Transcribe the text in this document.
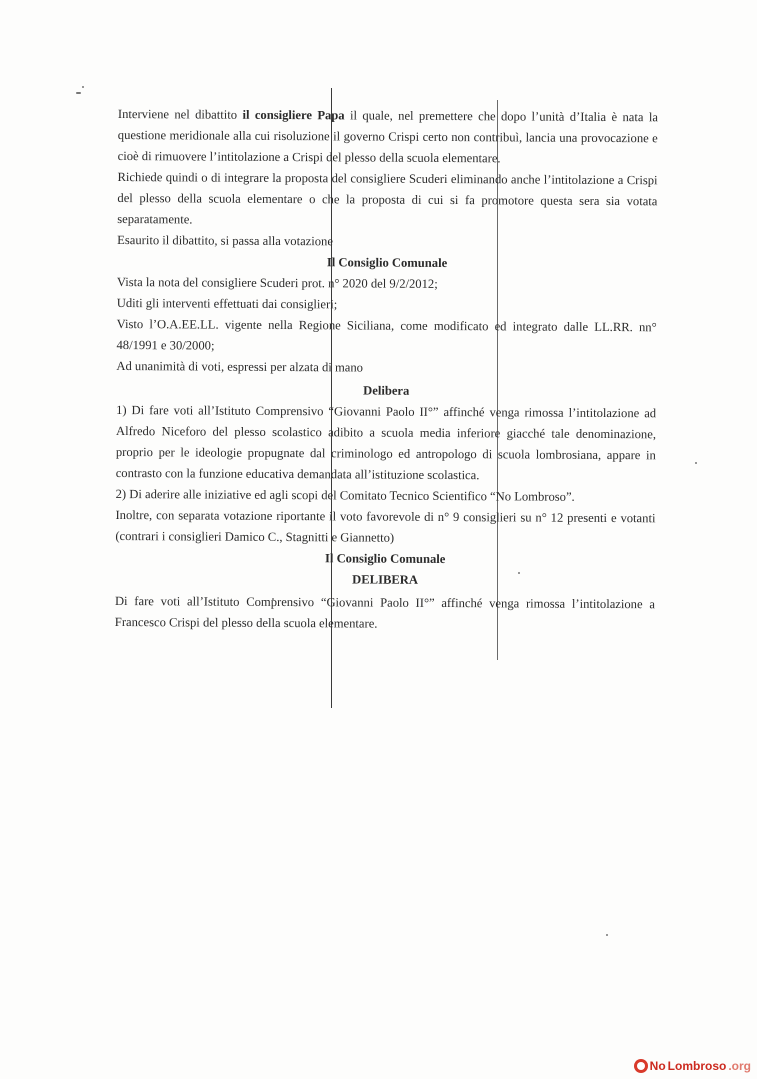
Interviene nel dibattito il consigliere Papa il quale, nel premettere che dopo l’unità d’Italia è nata la questione meridionale alla cui risoluzione il governo Crispi certo non contribuì, lancia una provocazione e cioè di rimuovere l’intitolazione a Crispi del plesso della scuola elementare.

Richiede quindi o di integrare la proposta del consigliere Scuderi eliminando anche l’intitolazione a Crispi del plesso della scuola elementare o che la proposta di cui si fa promotore questa sera sia votata separatamente.

Esaurito il dibattito, si passa alla votazione

Il Consiglio Comunale

Vista la nota del consigliere Scuderi prot. n° 2020 del 9/2/2012;

Uditi gli interventi effettuati dai consiglieri;

Visto l’O.A.EE.LL. vigente nella Regione Siciliana, come modificato ed integrato dalle LL.RR. nn° 48/1991 e 30/2000;

Ad unanimità di voti, espressi per alzata di mano

Delibera

1) Di fare voti all’Istituto Comprensivo “Giovanni Paolo II°” affinché venga rimossa l’intitolazione ad Alfredo Niceforo del plesso scolastico adibito a scuola media inferiore giacché tale denominazione, proprio per le ideologie propugnate dal criminologo ed antropologo di scuola lombrosiana, appare in contrasto con la funzione educativa demandata all’istituzione scolastica.

2) Di aderire alle iniziative ed agli scopi del Comitato Tecnico Scientifico “No Lombroso”.

Inoltre, con separata votazione riportante il voto favorevole di n° 9 consiglieri su n° 12 presenti e votanti (contrari i consiglieri Damico C., Stagnitti e Giannetto)

Il Consiglio Comunale

DELIBERA

Di fare voti all’Istituto Comprensivo “Giovanni Paolo II°” affinché venga rimossa l’intitolazione a Francesco Crispi del plesso della scuola elementare.

No Lombroso .org
